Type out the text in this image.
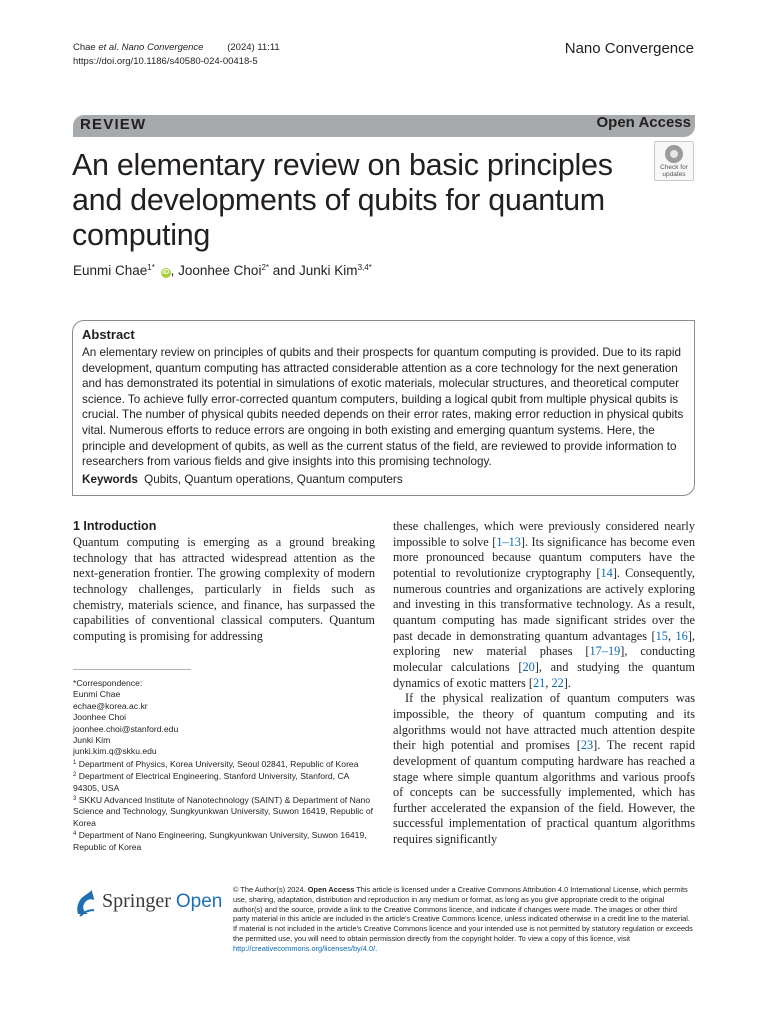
Chae et al. Nano Convergence	(2024) 11:11
https://doi.org/10.1186/s40580-024-00418-5
Nano Convergence
REVIEW	Open Access
An elementary review on basic principles and developments of qubits for quantum computing
Check for
updates
Eunmi Chae$^{1*}$ iD , Joonhee Choi$^{2*}$ and Junki Kim$^{3,4*}$
Abstract
An elementary review on principles of qubits and their prospects for quantum computing is provided. Due to its rapid development, quantum computing has attracted considerable attention as a core technology for the next generation and has demonstrated its potential in simulations of exotic materials, molecular structures, and theoretical computer science. To achieve fully error-corrected quantum computers, building a logical qubit from multiple physical qubits is crucial. The number of physical qubits needed depends on their error rates, making error reduction in physical qubits vital. Numerous efforts to reduce errors are ongoing in both existing and emerging quantum systems. Here, the principle and development of qubits, as well as the current status of the field, are reviewed to provide information to researchers from various fields and give insights into this promising technology.
Keywords Qubits, Quantum operations, Quantum computers
1 Introduction
Quantum computing is emerging as a ground breaking technology that has attracted widespread attention as the next-generation frontier. The growing complexity of modern technology challenges, particularly in fields such as chemistry, materials science, and finance, has surpassed the capabilities of conventional classical computers. Quantum computing is promising for addressing

these challenges, which were previously considered nearly impossible to solve [1–13]. Its significance has become even more pronounced because quantum computers have the potential to revolutionize cryptography [14]. Consequently, numerous countries and organizations are actively exploring and investing in this transformative technology. As a result, quantum computing has made significant strides over the past decade in demonstrating quantum advantages [15, 16], exploring new material phases [17–19], conducting molecular calculations [20], and studying the quantum dynamics of exotic matters [21, 22].

If the physical realization of quantum computers was impossible, the theory of quantum computing and its algorithms would not have attracted much attention despite their high potential and promises [23]. The recent rapid development of quantum computing hardware has reached a stage where simple quantum algorithms and various proofs of concepts can be successfully implemented, which has further accelerated the expansion of the field. However, the successful implementation of practical quantum algorithms requires significantly

*Correspondence:
Eunmi Chae
echae@korea.ac.kr
Joonhee Choi
joonhee.choi@stanford.edu
Junki Kim
junki.kim.q@skku.edu
$^1$ Department of Physics, Korea University, Seoul 02841, Republic of Korea
$^2$ Department of Electrical Engineering, Stanford University, Stanford, CA 94305, USA
$^3$ SKKU Advanced Institute of Nanotechnology (SAINT) & Department of Nano Science and Technology, Sungkyunkwan University, Suwon 16419, Republic of Korea
$^4$ Department of Nano Engineering, Sungkyunkwan University, Suwon 16419, Republic of Korea
Springer Open
© The Author(s) 2024. Open Access This article is licensed under a Creative Commons Attribution 4.0 International License, which permits use, sharing, adaptation, distribution and reproduction in any medium or format, as long as you give appropriate credit to the original author(s) and the source, provide a link to the Creative Commons licence, and indicate if changes were made. The images or other third party material in this article are included in the article's Creative Commons licence, unless indicated otherwise in a credit line to the material. If material is not included in the article's Creative Commons licence and your intended use is not permitted by statutory regulation or exceeds the permitted use, you will need to obtain permission directly from the copyright holder. To view a copy of this licence, visit http://creativecommons.org/licenses/by/4.0/.
